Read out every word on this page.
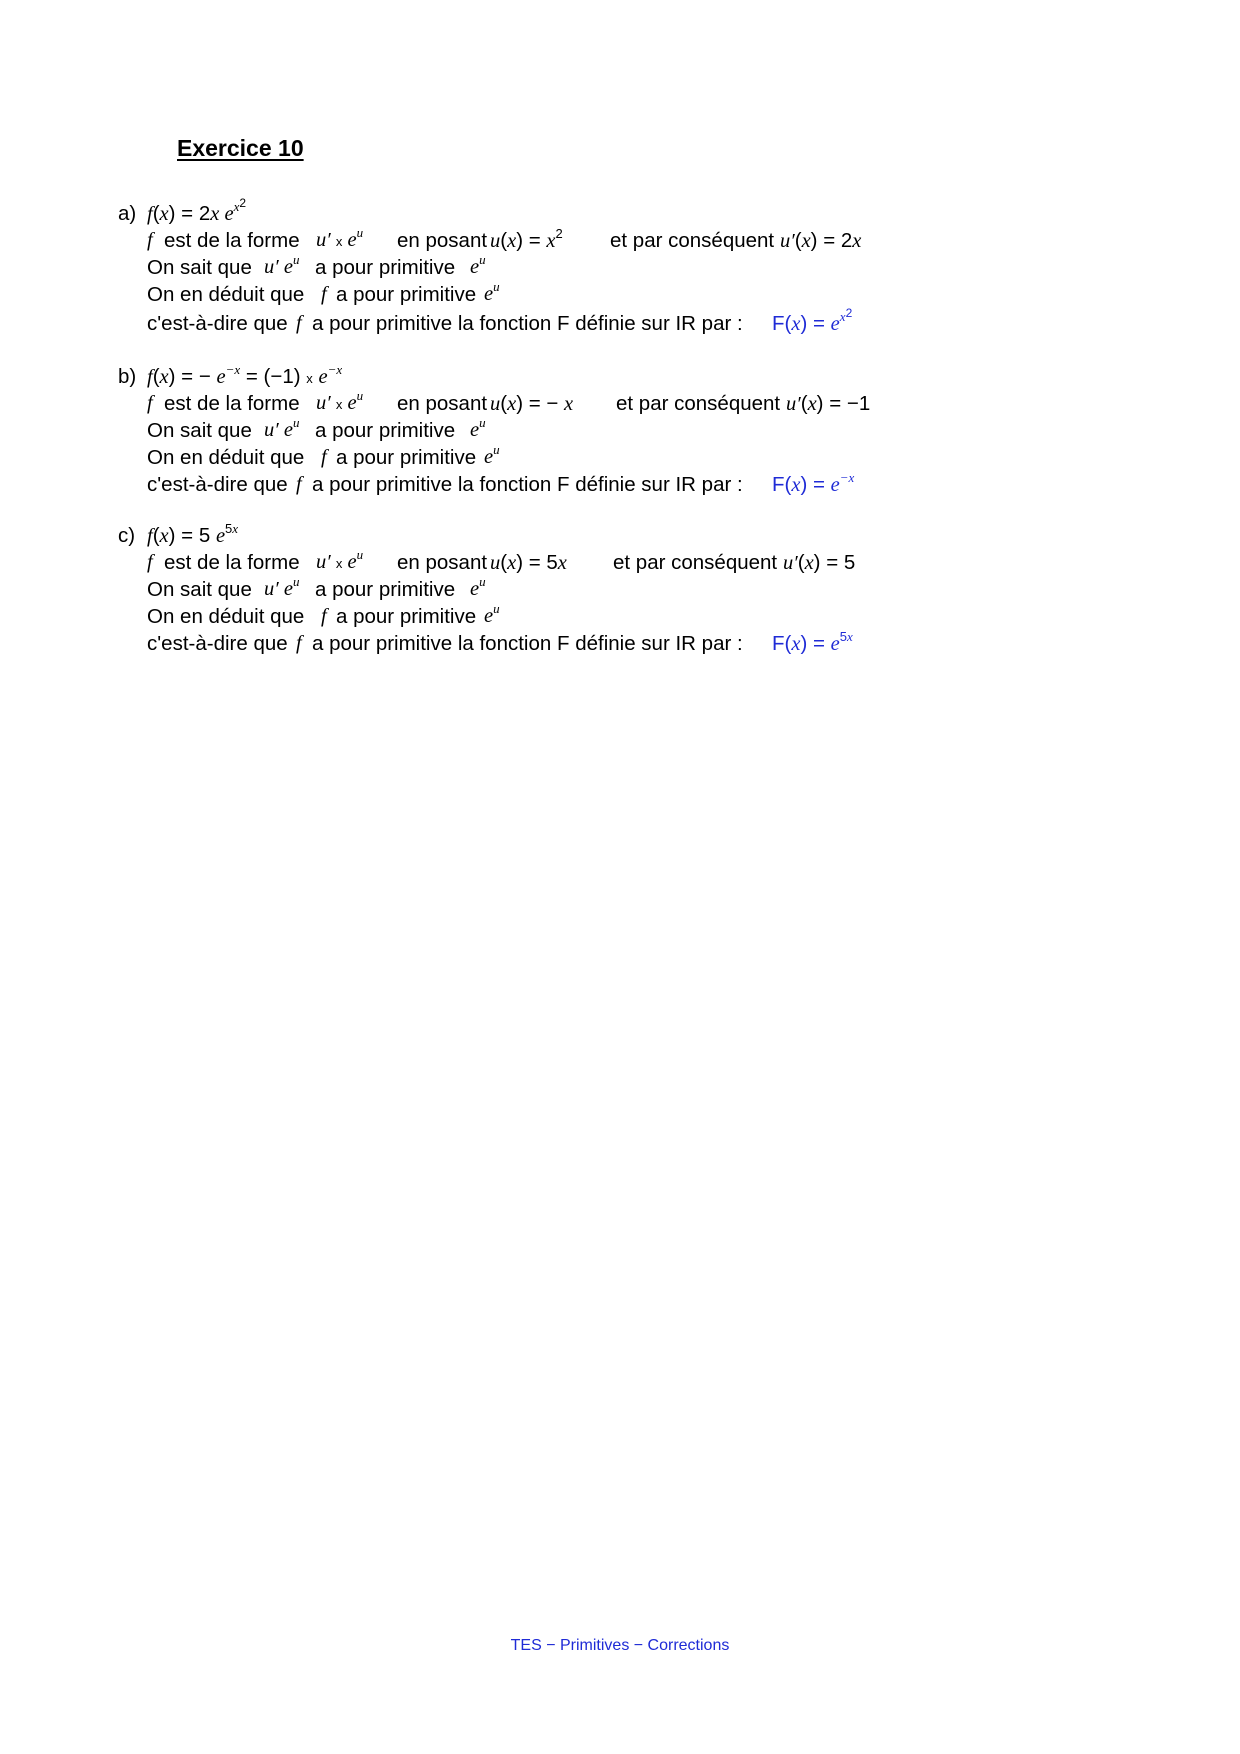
Exercice 10
a) f(x) = 2x $e^{x2}$
f est de la forme u′ x $e^u$ en posant $u(x) = x^2$ et par conséquent u′(x) = 2x
On sait que u′ $e^u$ a pour primitive $e^u$
On en déduit que f a pour primitive $e^u$
c'est-à-dire que f a pour primitive la fonction F définie sur IR par : $F(x) = e^{x2}$
b) f(x) = − $e^{-x} = (-1)$ x $e^{-x}$
f est de la forme u′ x $e^u$ en posant u(x) = − x et par conséquent u′(x) = −1
On sait que u′ $e^u$ a pour primitive $e^u$
On en déduit que f a pour primitive $e^u$
c'est-à-dire que f a pour primitive la fonction F définie sur IR par : $F(x) = e^{-x}$
c) f(x) = 5 $e^{5x}$
f est de la forme u′ x $e^u$ en posant u(x) = 5x et par conséquent u′(x) = 5
On sait que u′ $e^u$ a pour primitive $e^u$
On en déduit que f a pour primitive $e^u$
c'est-à-dire que f a pour primitive la fonction F définie sur IR par : $F(x) = e^{5x}$
TES − Primitives − Corrections
